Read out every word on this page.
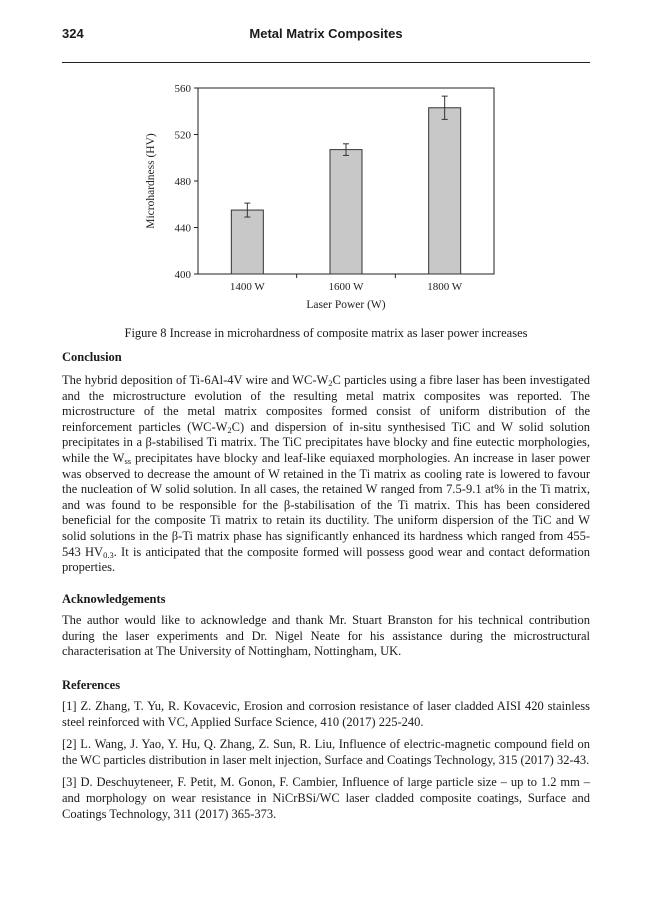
324	Metal Matrix Composites
400
440
480
520
560
1400 W	1600 W	1800 W
Laser Power (W)
Microhardness (HV)
Figure 8 Increase in microhardness of composite matrix as laser power increases
Conclusion
The hybrid deposition of Ti-6Al-4V wire and $WC-W_2C$ particles using a fibre laser has been investigated and the microstructure evolution of the resulting metal matrix composites was reported. The microstructure of the metal matrix composites formed consist of uniform distribution of the reinforcement particles $(WC-W_2C)$ and dispersion of in-situ synthesised TiC and W solid solution precipitates in a β-stabilised Ti matrix. The TiC precipitates have blocky and fine eutectic morphologies, while the $W_{ss}$ precipitates have blocky and leaf-like equiaxed morphologies. An increase in laser power was observed to decrease the amount of W retained in the Ti matrix as cooling rate is lowered to favour the nucleation of W solid solution. In all cases, the retained W ranged from 7.5-9.1 at% in the Ti matrix, and was found to be responsible for the β-stabilisation of the Ti matrix. This has been considered beneficial for the composite Ti matrix to retain its ductility. The uniform dispersion of the TiC and W solid solutions in the β-Ti matrix phase has significantly enhanced its hardness which ranged from 455-543 $HV_{0.3}$. It is anticipated that the composite formed will possess good wear and contact deformation properties.
Acknowledgements
The author would like to acknowledge and thank Mr. Stuart Branston for his technical contribution during the laser experiments and Dr. Nigel Neate for his assistance during the microstructural characterisation at The University of Nottingham, Nottingham, UK.
References
[1] Z. Zhang, T. Yu, R. Kovacevic, Erosion and corrosion resistance of laser cladded AISI 420 stainless steel reinforced with VC, Applied Surface Science, 410 (2017) 225-240.
[2] L. Wang, J. Yao, Y. Hu, Q. Zhang, Z. Sun, R. Liu, Influence of electric-magnetic compound field on the WC particles distribution in laser melt injection, Surface and Coatings Technology, 315 (2017) 32-43.
[3] D. Deschuyteneer, F. Petit, M. Gonon, F. Cambier, Influence of large particle size – up to 1.2 mm – and morphology on wear resistance in NiCrBSi/WC laser cladded composite coatings, Surface and Coatings Technology, 311 (2017) 365-373.
